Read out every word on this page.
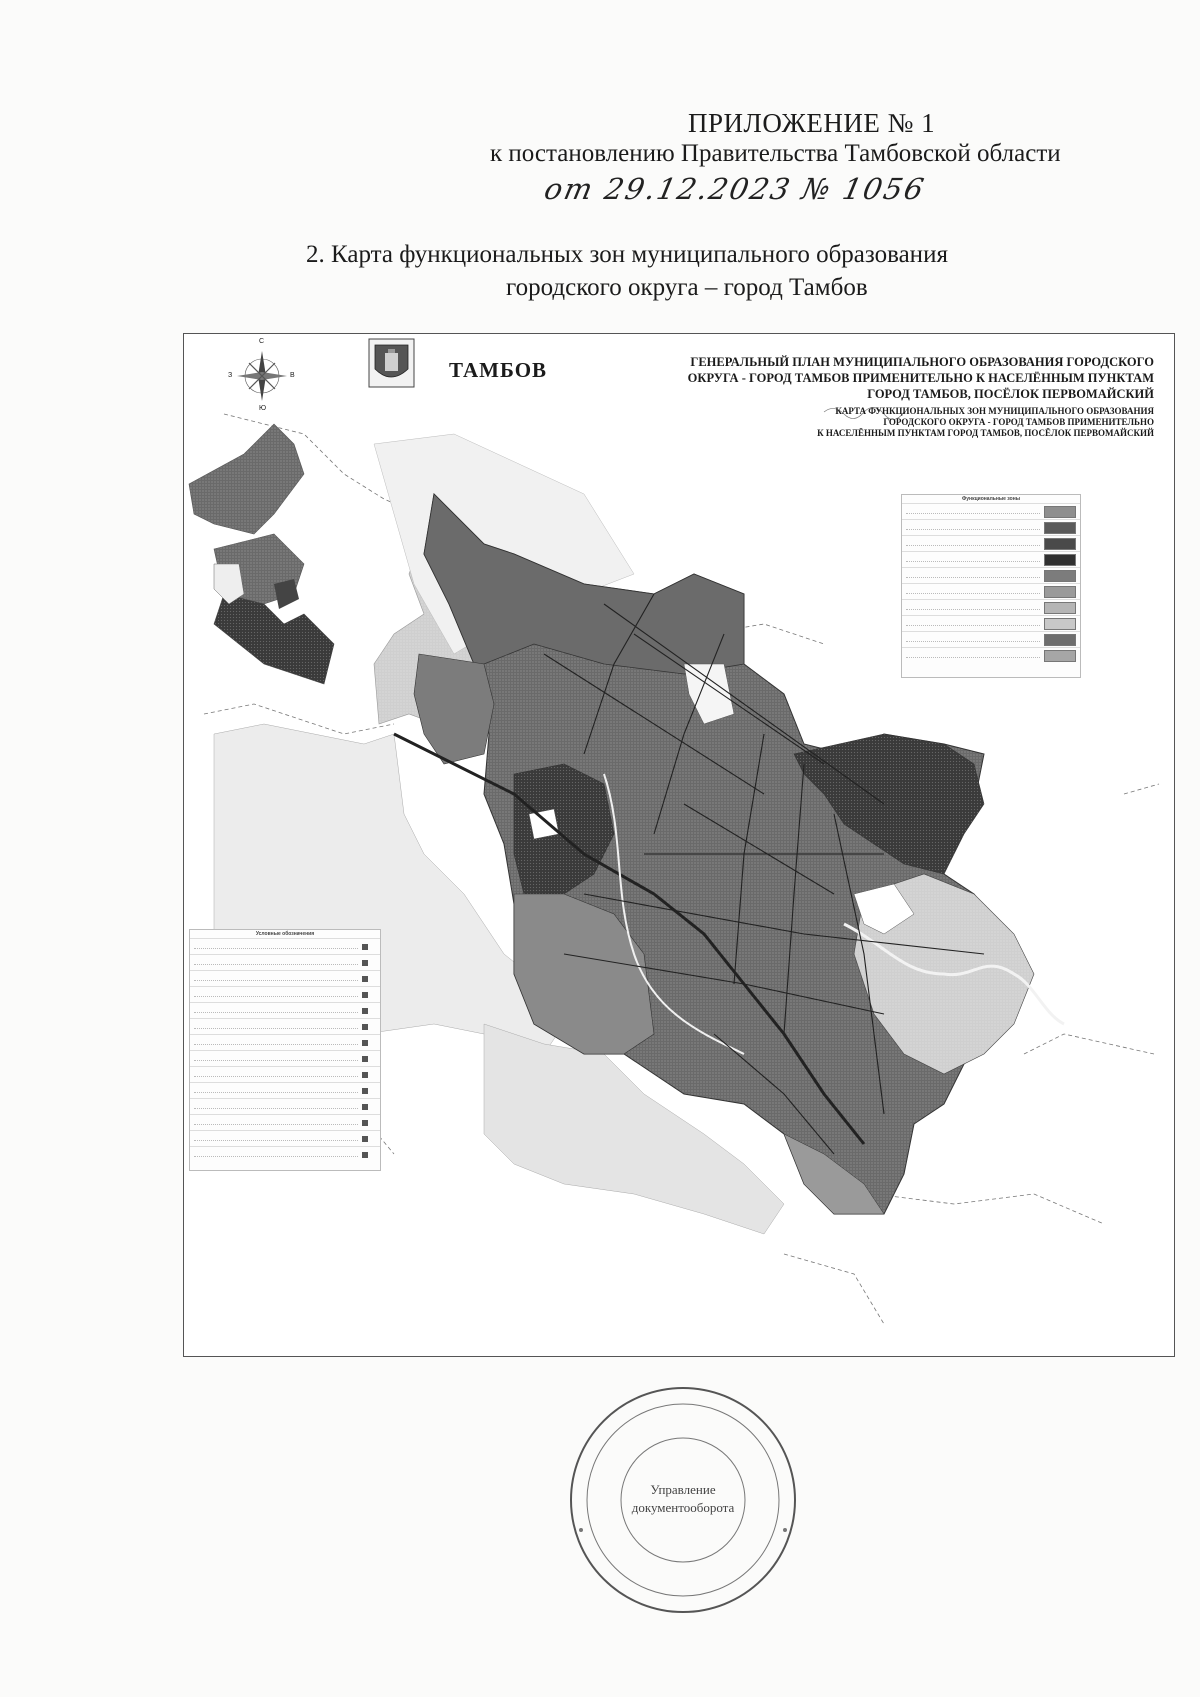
ПРИЛОЖЕНИЕ № 1
к постановлению Правительства Тамбовской области
от 29.12.2023 № 1056
2. Карта функциональных зон муниципального образования
городского округа – город Тамбов
С
Ю
З	В	ТАМБОВ	ГЕНЕРАЛЬНЫЙ ПЛАН МУНИЦИПАЛЬНОГО ОБРАЗОВАНИЯ ГОРОДСКОГО
ОКРУГА - ГОРОД ТАМБОВ ПРИМЕНИТЕЛЬНО К НАСЕЛЁННЫМ ПУНКТАМ
ГОРОД ТАМБОВ, ПОСЁЛОК ПЕРВОМАЙСКИЙ
КАРТА ФУНКЦИОНАЛЬНЫХ ЗОН МУНИЦИПАЛЬНОГО ОБРАЗОВАНИЯ
ГОРОДСКОГО ОКРУГА - ГОРОД ТАМБОВ ПРИМЕНИТЕЛЬНО
К НАСЕЛЁННЫМ ПУНКТАМ ГОРОД ТАМБОВ, ПОСЁЛОК ПЕРВОМАЙСКИЙ
Функциональные зоны
Условные обозначения
Управление
документооборота
